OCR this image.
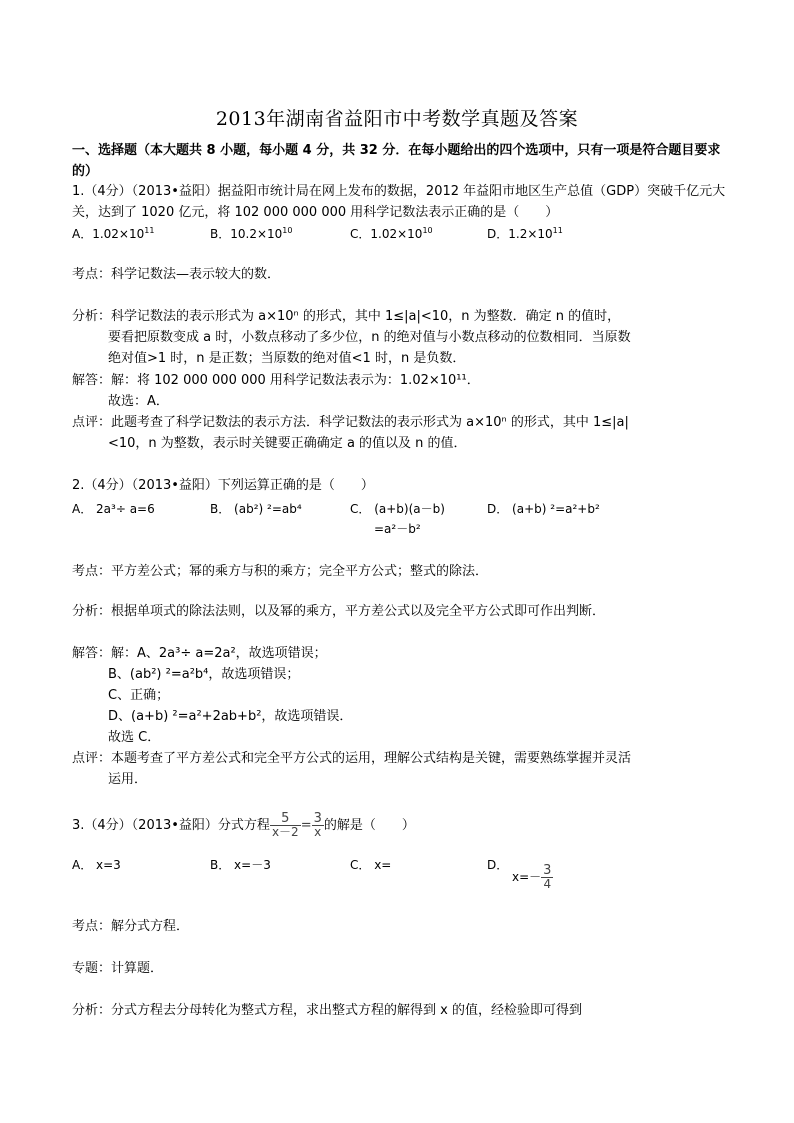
2013年湖南省益阳市中考数学真题及答案
一、选择题（本大题共 8 小题，每小题 4 分，共 32 分．在每小题给出的四个选项中，只有一项是符合题目要求的）
1.（4分）（2013•益阳）据益阳市统计局在网上发布的数据，2012 年益阳市地区生产总值（GDP）突破千亿元大关，达到了 1020 亿元，将 102 000 000 000 用科学记数法表示正确的是（　　）
A．$1.02\times 10^{11}$	B．$10.2\times 10^{10}$	C．$1.02\times 10^{10}$	D．$1.2\times 10^{11}$
考点：科学记数法—表示较大的数．
分析：科学记数法的表示形式为 a×10ⁿ 的形式，其中 1≤|a|<10，n 为整数．确定 n 的值时，要看把原数变成 a 时，小数点移动了多少位，n 的绝对值与小数点移动的位数相同．当原数绝对值>1 时，n 是正数；当原数的绝对值<1 时，n 是负数．
解答：解：将 102 000 000 000 用科学记数法表示为：1.02×10¹¹．
故选：A．
点评：此题考查了科学记数法的表示方法．科学记数法的表示形式为 a×10ⁿ 的形式，其中 1≤|a|<10，n 为整数，表示时关键要正确确定 a 的值以及 n 的值．
2.（4分）（2013•益阳）下列运算正确的是（　　）
A． 2a³÷ a=6	B． (ab²) ²=ab⁴	C． (a+b)(a－b)
=a²－b²
D． (a+b) ²=a²+b²
考点：平方差公式；幂的乘方与积的乘方；完全平方公式；整式的除法．
分析：根据单项式的除法法则，以及幂的乘方，平方差公式以及完全平方公式即可作出判断．
解答：解：A、2a³÷ a=2a²，故选项错误；
B、(ab²) ²=a²b⁴，故选项错误；
C、正确；
D、(a+b) ²=a²+2ab+b²，故选项错误．
故选 C．
点评：本题考查了平方差公式和完全平方公式的运用，理解公式结构是关键，需要熟练掌握并灵活运用．
3.（4分）（2013•益阳）分式方程 $\frac{5}{x-2} = \frac{3}{x}$ 的解是（　　）
A． x=3	B． x=－3	C． x=	D．
$x=- \frac{3}{4}$
考点：解分式方程．
专题：计算题．
分析：分式方程去分母转化为整式方程，求出整式方程的解得到 x 的值，经检验即可得到
